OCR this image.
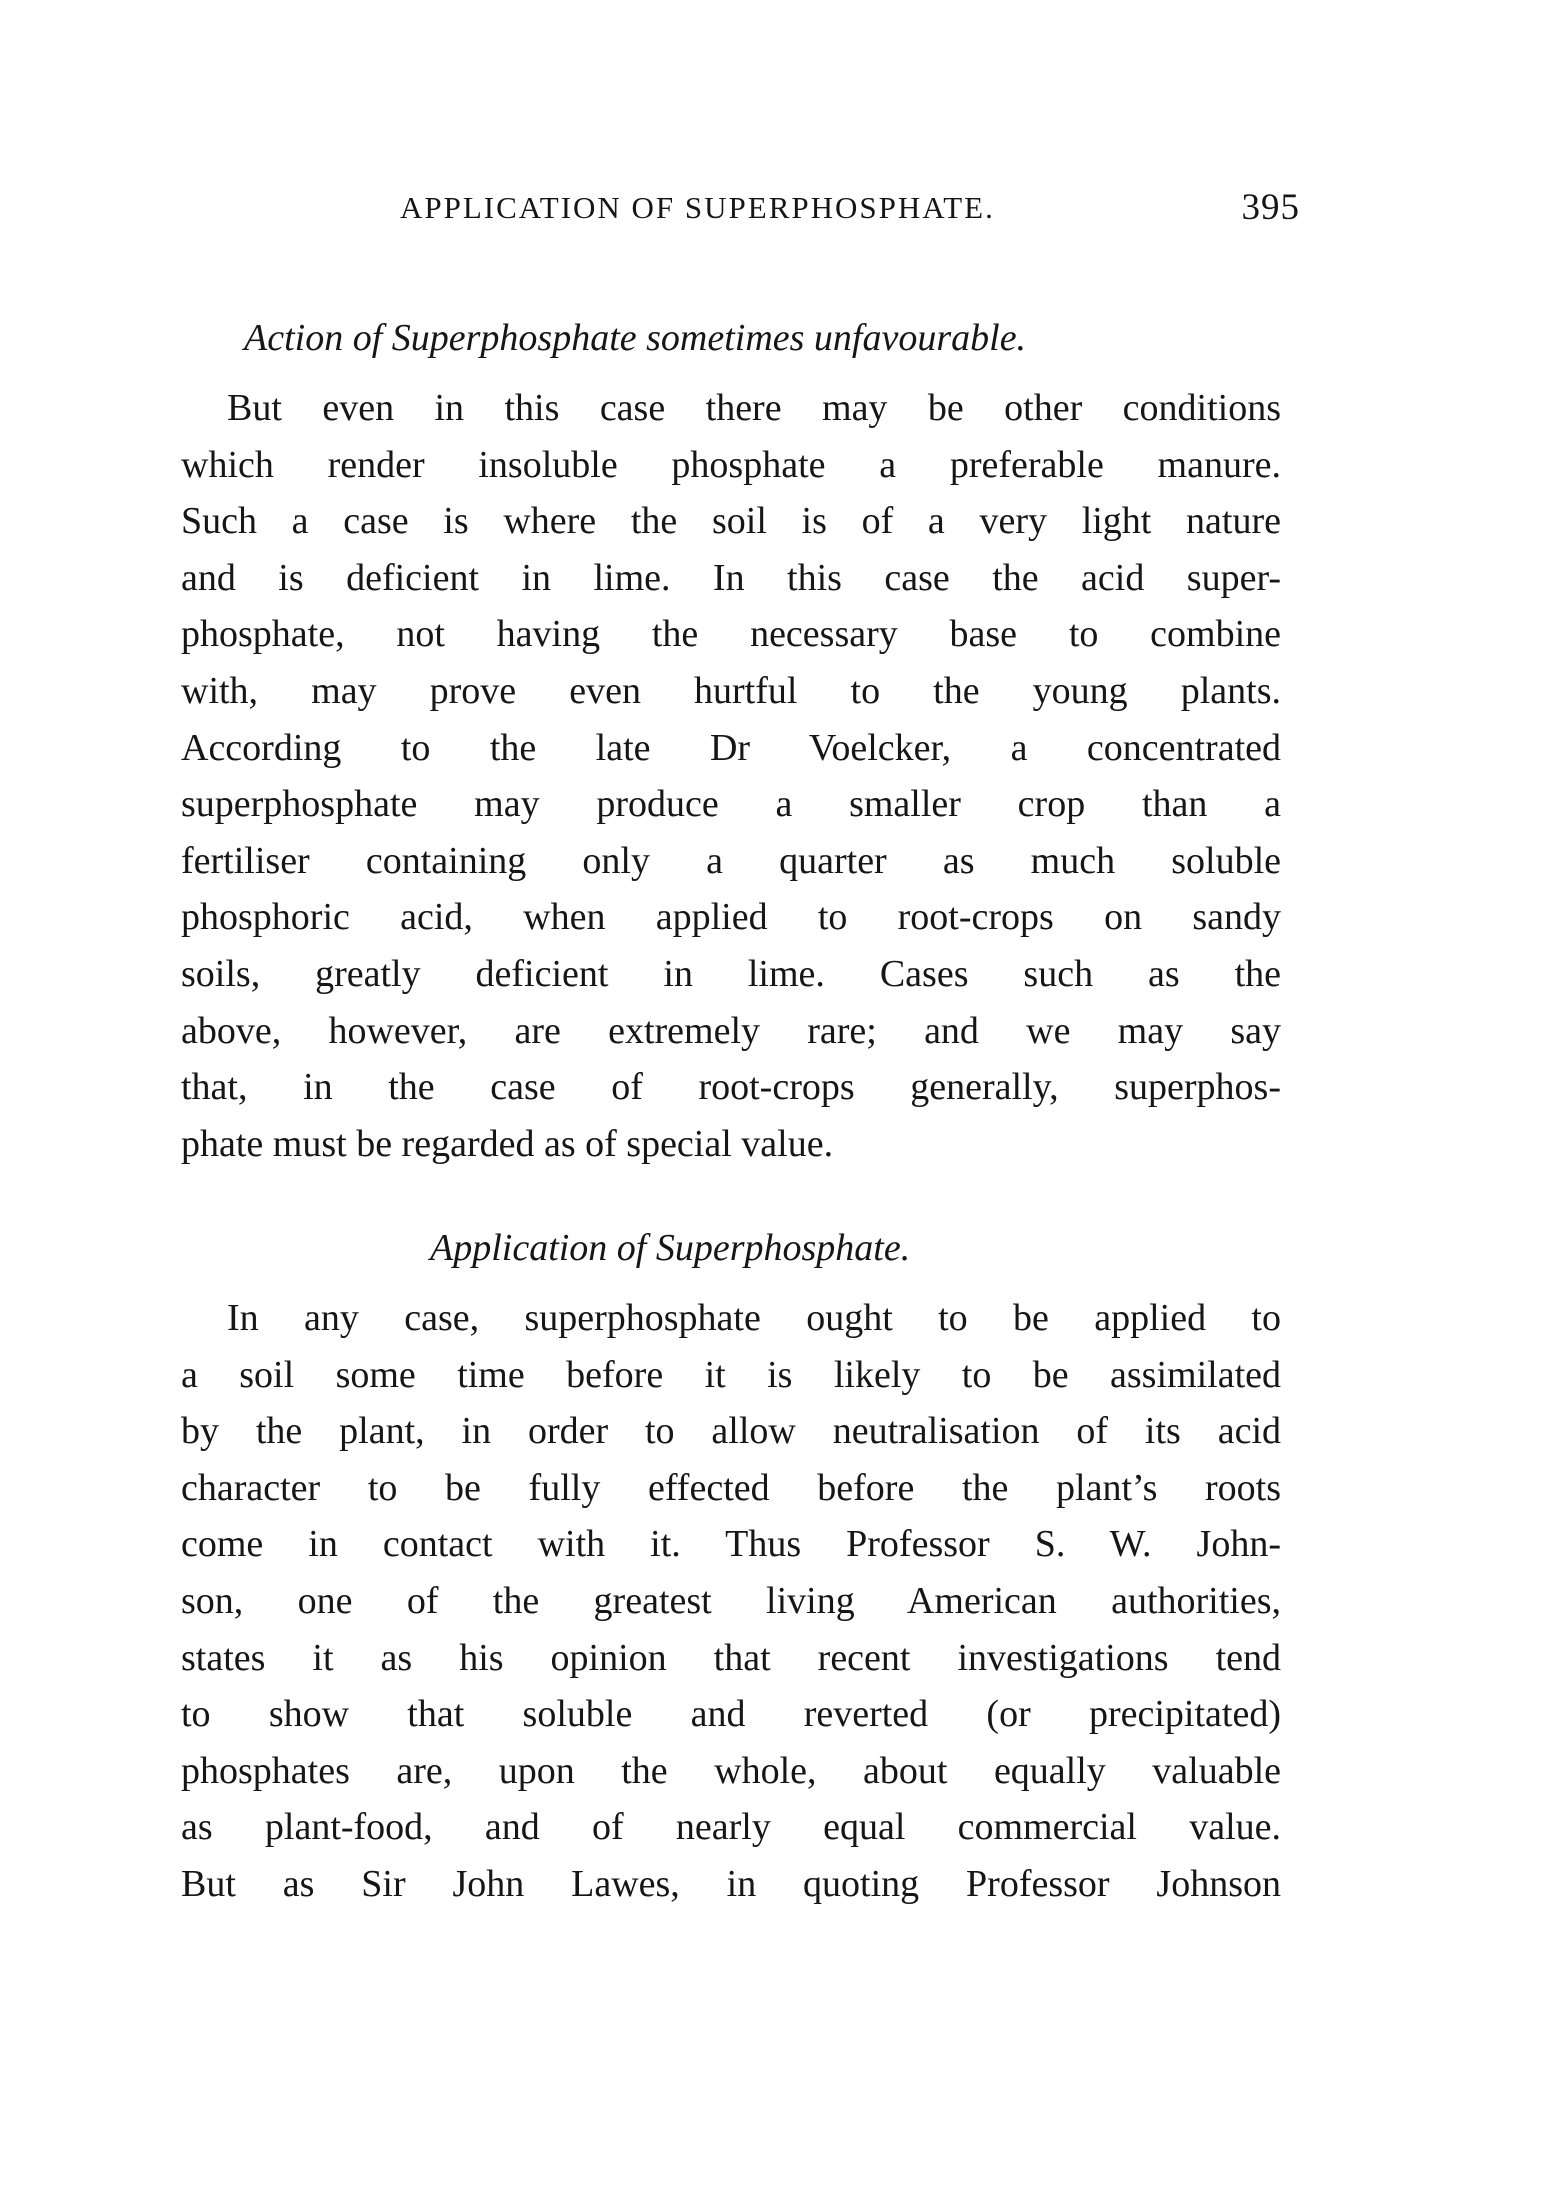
APPLICATION OF SUPERPHOSPHATE.	395
Action of Superphosphate sometimes unfavourable.
But even in this case there may be other conditions
which render insoluble phosphate a preferable manure.
Such a case is where the soil is of a very light nature
and is deficient in lime. In this case the acid super-
phosphate, not having the necessary base to combine
with, may prove even hurtful to the young plants.
According to the late Dr Voelcker, a concentrated
superphosphate may produce a smaller crop than a
fertiliser containing only a quarter as much soluble
phosphoric acid, when applied to root-crops on sandy
soils, greatly deficient in lime. Cases such as the
above, however, are extremely rare; and we may say
that, in the case of root-crops generally, superphos-
phate must be regarded as of special value.
Application of Superphosphate.
In any case, superphosphate ought to be applied to
a soil some time before it is likely to be assimilated
by the plant, in order to allow neutralisation of its acid
character to be fully effected before the plant’s roots
come in contact with it. Thus Professor S. W. John-
son, one of the greatest living American authorities,
states it as his opinion that recent investigations tend
to show that soluble and reverted (or precipitated)
phosphates are, upon the whole, about equally valuable
as plant-food, and of nearly equal commercial value.
But as Sir John Lawes, in quoting Professor Johnson
